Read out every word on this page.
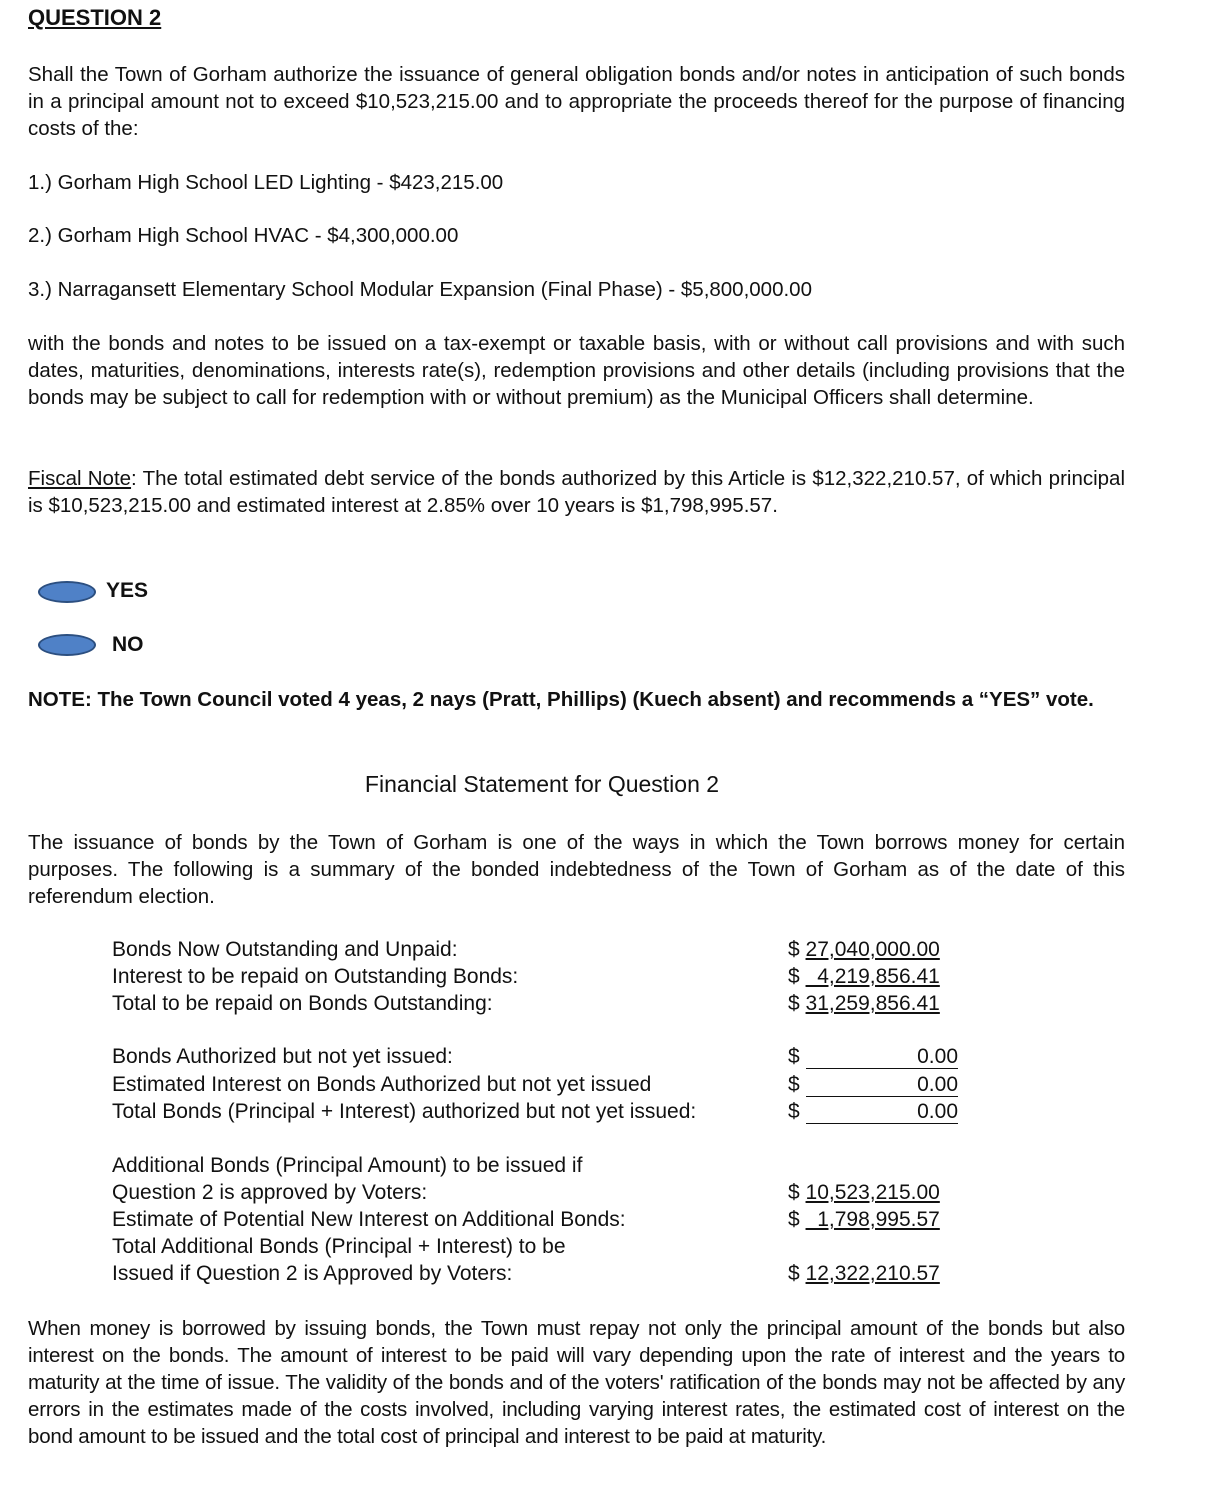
QUESTION 2
Shall the Town of Gorham authorize the issuance of general obligation bonds and/or notes in anticipation of such bonds in a principal amount not to exceed $10,523,215.00 and to appropriate the proceeds thereof for the purpose of financing costs of the:
1.) Gorham High School LED Lighting - $423,215.00
2.) Gorham High School HVAC - $4,300,000.00
3.) Narragansett Elementary School Modular Expansion (Final Phase) - $5,800,000.00
with the bonds and notes to be issued on a tax-exempt or taxable basis, with or without call provisions and with such dates, maturities, denominations, interests rate(s), redemption provisions and other details (including provisions that the bonds may be subject to call for redemption with or without premium) as the Municipal Officers shall determine.
Fiscal Note: The total estimated debt service of the bonds authorized by this Article is $12,322,210.57, of which principal is $10,523,215.00 and estimated interest at 2.85% over 10 years is $1,798,995.57.
YES
NO
NOTE: The Town Council voted 4 yeas, 2 nays (Pratt, Phillips) (Kuech absent) and recommends a “YES” vote.
Financial Statement for Question 2
The issuance of bonds by the Town of Gorham is one of the ways in which the Town borrows money for certain purposes. The following is a summary of the bonded indebtedness of the Town of Gorham as of the date of this referendum election.
Bonds Now Outstanding and Unpaid:	$ 27,040,000.00
Interest to be repaid on Outstanding Bonds:	$   4,219,856.41
Total to be repaid on Bonds Outstanding:	$ 31,259,856.41
Bonds Authorized but not yet issued:	$	0.00
Estimated Interest on Bonds Authorized but not yet issued	$	0.00
Total Bonds (Principal + Interest) authorized but not yet issued:	$	0.00
Additional Bonds (Principal Amount) to be issued if
Question 2 is approved by Voters:	$ 10,523,215.00
Estimate of Potential New Interest on Additional Bonds:	$   1,798,995.57
Total Additional Bonds (Principal + Interest) to be
Issued if Question 2 is Approved by Voters:	$ 12,322,210.57
When money is borrowed by issuing bonds, the Town must repay not only the principal amount of the bonds but also interest on the bonds. The amount of interest to be paid will vary depending upon the rate of interest and the years to maturity at the time of issue. The validity of the bonds and of the voters' ratification of the bonds may not be affected by any errors in the estimates made of the costs involved, including varying interest rates, the estimated cost of interest on the bond amount to be issued and the total cost of principal and interest to be paid at maturity.
